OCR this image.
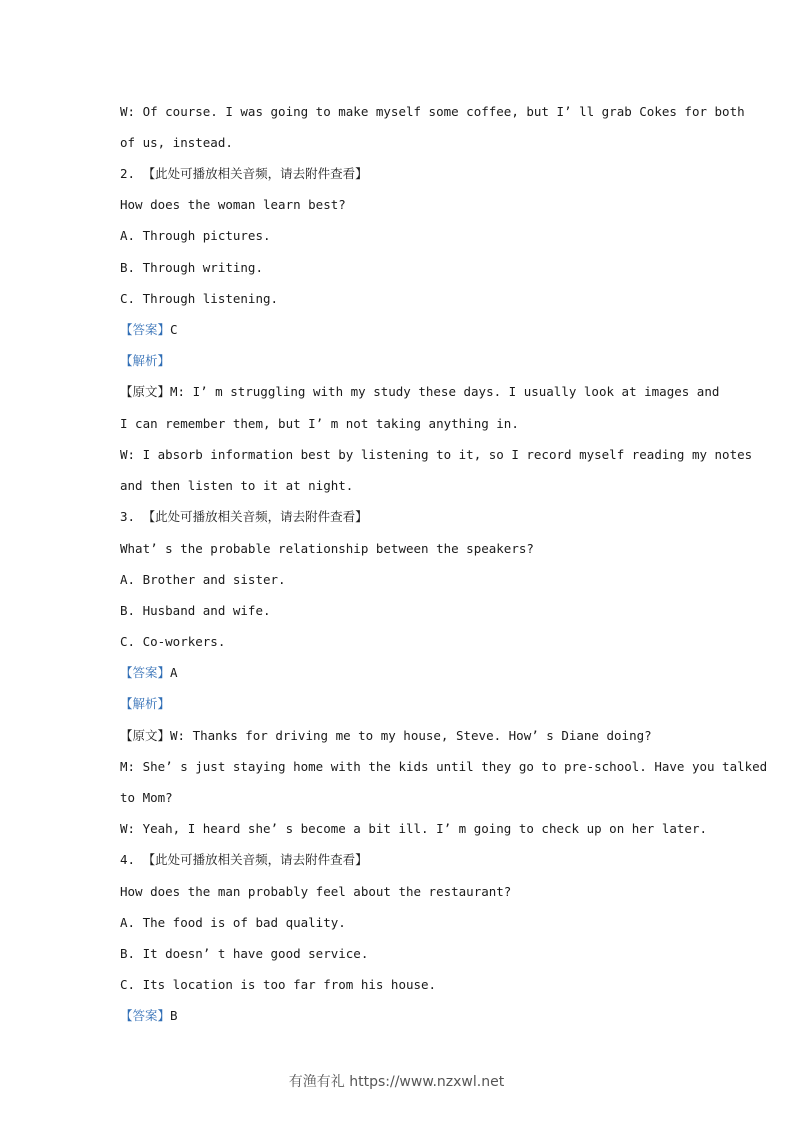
W: Of course. I was going to make myself some coffee, but I’ ll grab Cokes for both
of us, instead.
2. 【此处可播放相关音频，请去附件查看】
How does the woman learn best?
A. Through pictures.
B. Through writing.
C. Through listening.
【答案】C
【解析】
【原文】M: I’ m struggling with my study these days. I usually look at images and
I can remember them, but I’ m not taking anything in.
W: I absorb information best by listening to it, so I record myself reading my notes
and then listen to it at night.
3. 【此处可播放相关音频，请去附件查看】
What’ s the probable relationship between the speakers?
A. Brother and sister.
B. Husband and wife.
C. Co-workers.
【答案】A
【解析】
【原文】W: Thanks for driving me to my house, Steve. How’ s Diane doing?
M: She’ s just staying home with the kids until they go to pre-school. Have you talked
to Mom?
W: Yeah, I heard she’ s become a bit ill. I’ m going to check up on her later.
4. 【此处可播放相关音频，请去附件查看】
How does the man probably feel about the restaurant?
A. The food is of bad quality.
B. It doesn’ t have good service.
C. Its location is too far from his house.
【答案】B
有渔有礼 https://www.nzxwl.net
